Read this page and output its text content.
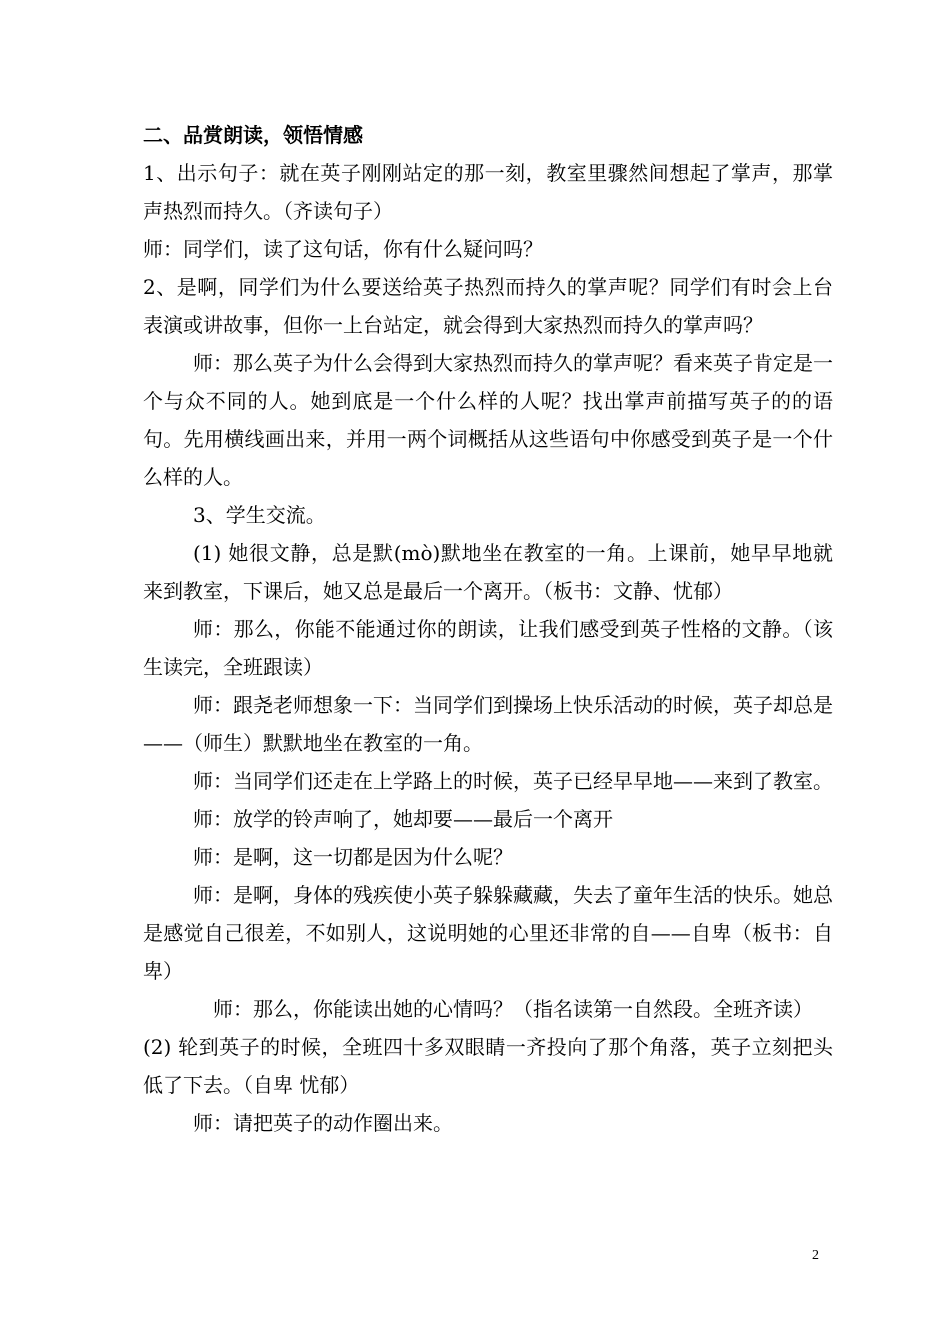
二、品赏朗读，领悟情感

1、出示句子：就在英子刚刚站定的那一刻，教室里骤然间想起了掌声，那掌声热烈而持久。（齐读句子）

师：同学们，读了这句话，你有什么疑问吗？

2、是啊，同学们为什么要送给英子热烈而持久的掌声呢？同学们有时会上台表演或讲故事，但你一上台站定，就会得到大家热烈而持久的掌声吗？

师：那么英子为什么会得到大家热烈而持久的掌声呢？看来英子肯定是一个与众不同的人。她到底是一个什么样的人呢？找出掌声前描写英子的的语句。先用横线画出来，并用一两个词概括从这些语句中你感受到英子是一个什么样的人。

3、学生交流。

(1) 她很文静，总是默(mò)默地坐在教室的一角。上课前，她早早地就来到教室，下课后，她又总是最后一个离开。（板书：文静、忧郁）

师：那么，你能不能通过你的朗读，让我们感受到英子性格的文静。（该生读完，全班跟读）

师：跟尧老师想象一下：当同学们到操场上快乐活动的时候，英子却总是——（师生）默默地坐在教室的一角。

师：当同学们还走在上学路上的时候，英子已经早早地——来到了教室。

师：放学的铃声响了，她却要——最后一个离开

师：是啊，这一切都是因为什么呢？

师：是啊，身体的残疾使小英子躲躲藏藏，失去了童年生活的快乐。她总是感觉自己很差，不如别人，这说明她的心里还非常的自——自卑（板书：自卑）

师：那么，你能读出她的心情吗？（指名读第一自然段。全班齐读）

(2) 轮到英子的时候，全班四十多双眼睛一齐投向了那个角落，英子立刻把头低了下去。（自卑 忧郁）

师：请把英子的动作圈出来。

2
